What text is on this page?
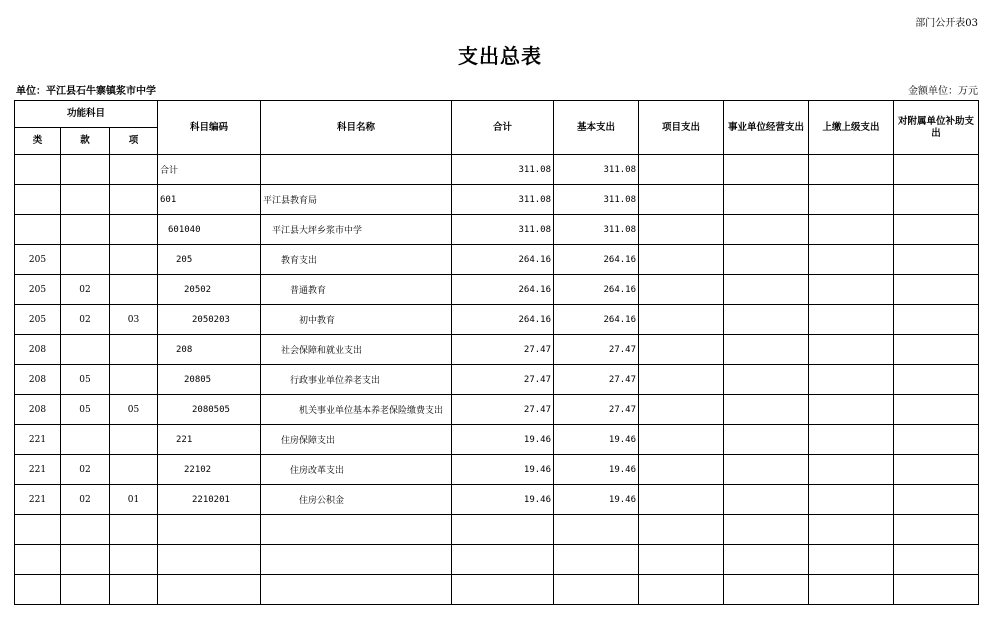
部门公开表03
支出总表
单位：平江县石牛寨镇浆市中学	金额单位：万元
功能科目			科目编码	科目名称	合计	基本支出	项目支出	事业单位经营支出	上缴上级支出	对附属单位补助支出
类	款	项								
			合计		311.08	311.08				
			601	平江县教育局	311.08	311.08				
			601040	平江县大坪乡浆市中学	311.08	311.08				
205			205	教育支出	264.16	264.16				
205	02		20502	普通教育	264.16	264.16				
205	02	03	2050203	初中教育	264.16	264.16				
208			208	社会保障和就业支出	27.47	27.47				
208	05		20805	行政事业单位养老支出	27.47	27.47				
208	05	05	2080505	机关事业单位基本养老保险缴费支出	27.47	27.47				
221			221	住房保障支出	19.46	19.46				
221	02		22102	住房改革支出	19.46	19.46				
221	02	01	2210201	住房公积金	19.46	19.46				
